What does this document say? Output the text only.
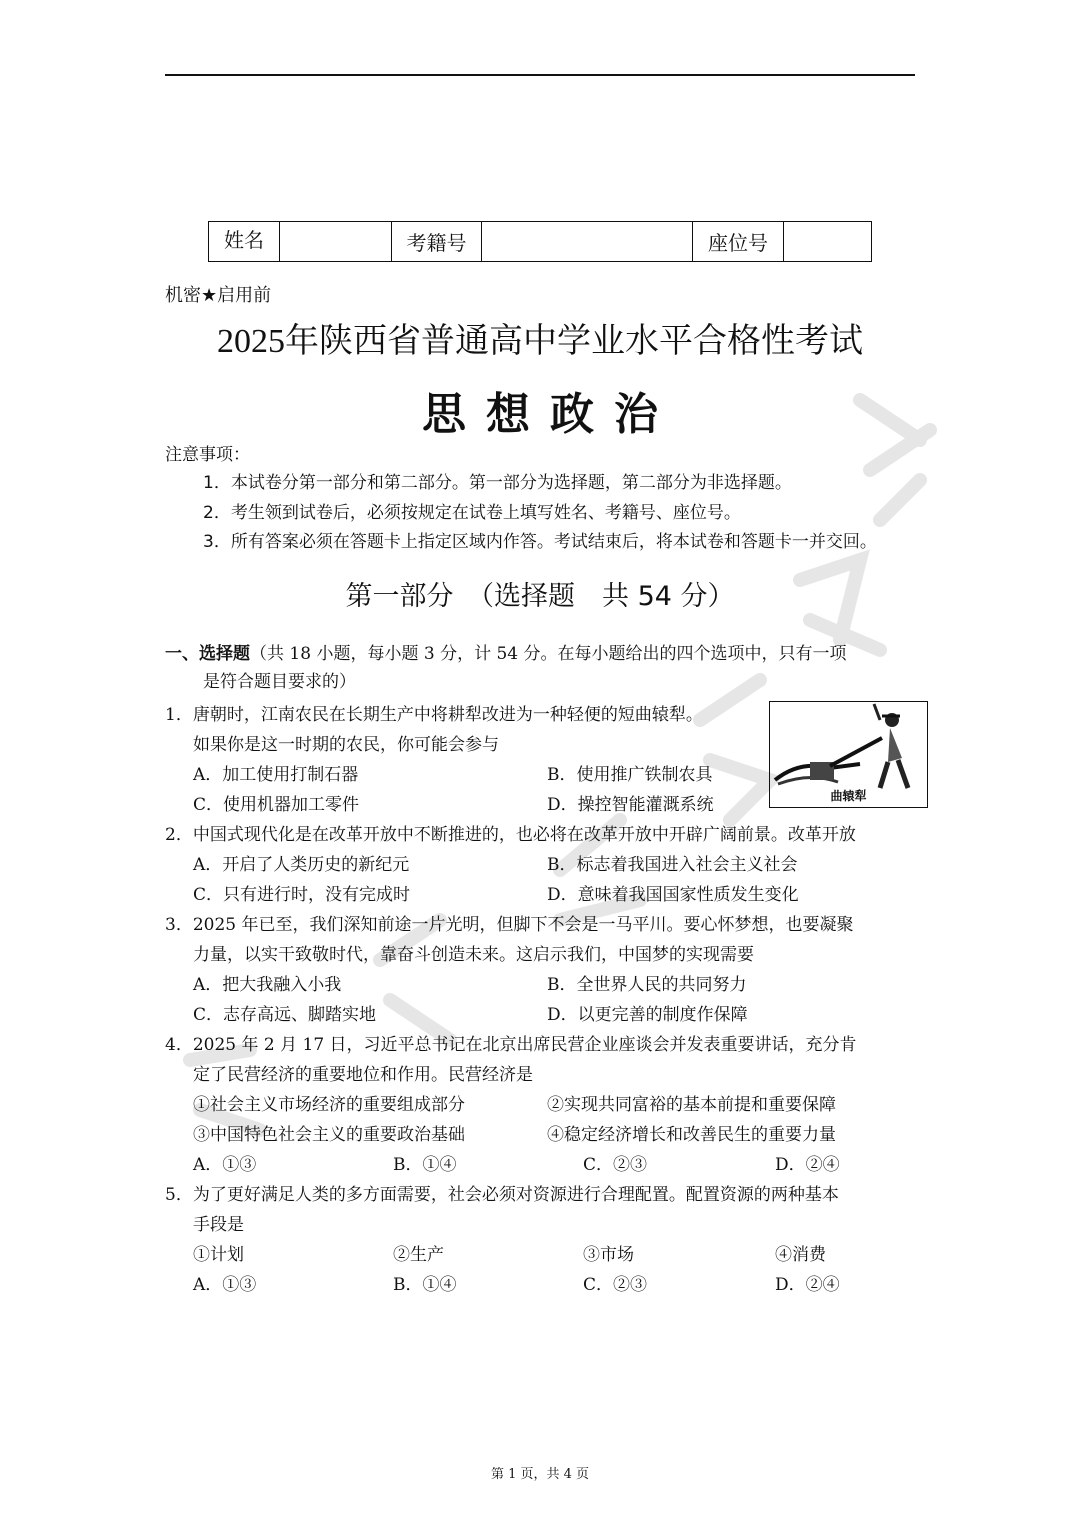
姓名		考籍号		座位号	
机密★启用前
2025年陕西省普通高中学业水平合格性考试
思想政治
注意事项：
1．本试卷分第一部分和第二部分。第一部分为选择题，第二部分为非选择题。
2．考生领到试卷后，必须按规定在试卷上填写姓名、考籍号、座位号。
3．所有答案必须在答题卡上指定区域内作答。考试结束后，将本试卷和答题卡一并交回。
第一部分　（选择题　共 54 分）
一、选择题（共 18 小题，每小题 3 分，计 54 分。在每小题给出的四个选项中，只有一项
是符合题目要求的）
1．唐朝时，江南农民在长期生产中将耕犁改进为一种轻便的短曲辕犁。
如果你是这一时期的农民，你可能会参与
A．加工使用打制石器	B．使用推广铁制农具
C．使用机器加工零件	D．操控智能灌溉系统	曲辕犁
2．中国式现代化是在改革开放中不断推进的，也必将在改革开放中开辟广阔前景。改革开放
A．开启了人类历史的新纪元	B．标志着我国进入社会主义社会
C．只有进行时，没有完成时	D．意味着我国国家性质发生变化
3．2025 年已至，我们深知前途一片光明，但脚下不会是一马平川。要心怀梦想，也要凝聚
力量，以实干致敬时代，靠奋斗创造未来。这启示我们，中国梦的实现需要
A．把大我融入小我	B．全世界人民的共同努力
C．志存高远、脚踏实地	D．以更完善的制度作保障
4．2025 年 2 月 17 日，习近平总书记在北京出席民营企业座谈会并发表重要讲话，充分肯
定了民营经济的重要地位和作用。民营经济是
①社会主义市场经济的重要组成部分	②实现共同富裕的基本前提和重要保障
③中国特色社会主义的重要政治基础	④稳定经济增长和改善民生的重要力量
A．①③	B．①④	C．②③	D．②④
5．为了更好满足人类的多方面需要，社会必须对资源进行合理配置。配置资源的两种基本
手段是
①计划	②生产	③市场	④消费
A．①③	B．①④	C．②③	D．②④
第 1 页，共 4 页
